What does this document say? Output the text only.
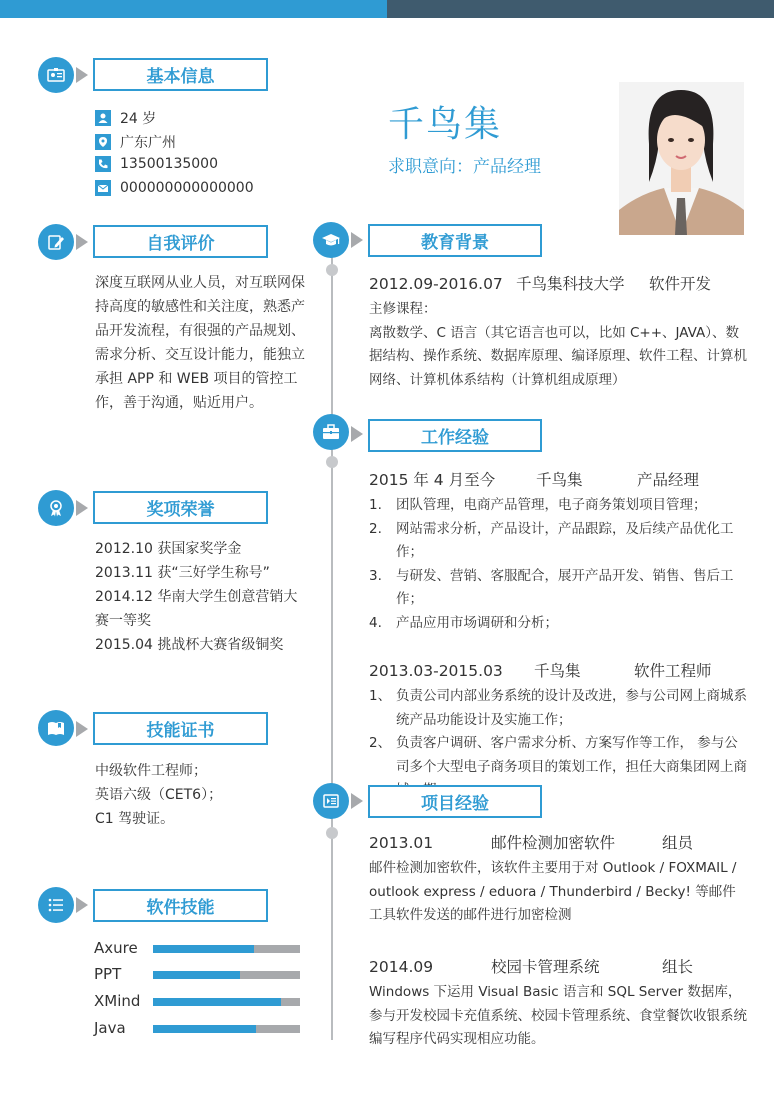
千鸟集
求职意向：产品经理
基本信息
24 岁
广东广州
13500135000
000000000000000
自我评价

深度互联网从业人员，对互联网保持高度的敏感性和关注度，熟悉产品开发流程，有很强的产品规划、需求分析、交互设计能力，能独立承担 APP 和 WEB 项目的管控工作，善于沟通，贴近用户。

奖项荣誉

2012.10 获国家奖学金

2013.11 获“三好学生称号”

2014.12 华南大学生创意营销大赛一等奖

2015.04 挑战杯大赛省级铜奖

技能证书

中级软件工程师；

英语六级（CET6）；

C1 驾驶证。

软件技能
Axure
PPT
XMind
Java
教育背景
2012.09-2016.07 千鸟集科技大学	软件开发

主修课程：

离散数学、C 语言（其它语言也可以，比如 C++、JAVA）、数据结构、操作系统、数据库原理、编译原理、软件工程、计算机网络、计算机体系结构（计算机组成原理）

工作经验
2015 年 4 月至今	千鸟集	产品经理
1.	团队管理，电商产品管理，电子商务策划项目管理；
2.	网站需求分析，产品设计，产品跟踪，及后续产品优化工作；
3.	与研发、营销、客服配合，展开产品开发、销售、售后工作；
4.	产品应用市场调研和分析；
2013.03-2015.03	千鸟集	软件工程师
1、 负责公司内部业务系统的设计及改进，参与公司网上商城系统产品功能设计及实施工作；
2、 负责客户调研、客户需求分析、方案写作等工作， 参与公司多个大型电子商务项目的策划工作，担任大商集团网上商
项目经验
2013.01	邮件检测加密软件	组员

邮件检测加密软件，该软件主要用于对 Outlook / FOXMAIL / outlook express / eduora / Thunderbird / Becky! 等邮件工具软件发送的邮件进行加密检测

2014.09	校园卡管理系统	组长

Windows 下运用 Visual Basic 语言和 SQL Server 数据库，参与开发校园卡充值系统、校园卡管理系统、食堂餐饮收银系统编写程序代码实现相应功能。
